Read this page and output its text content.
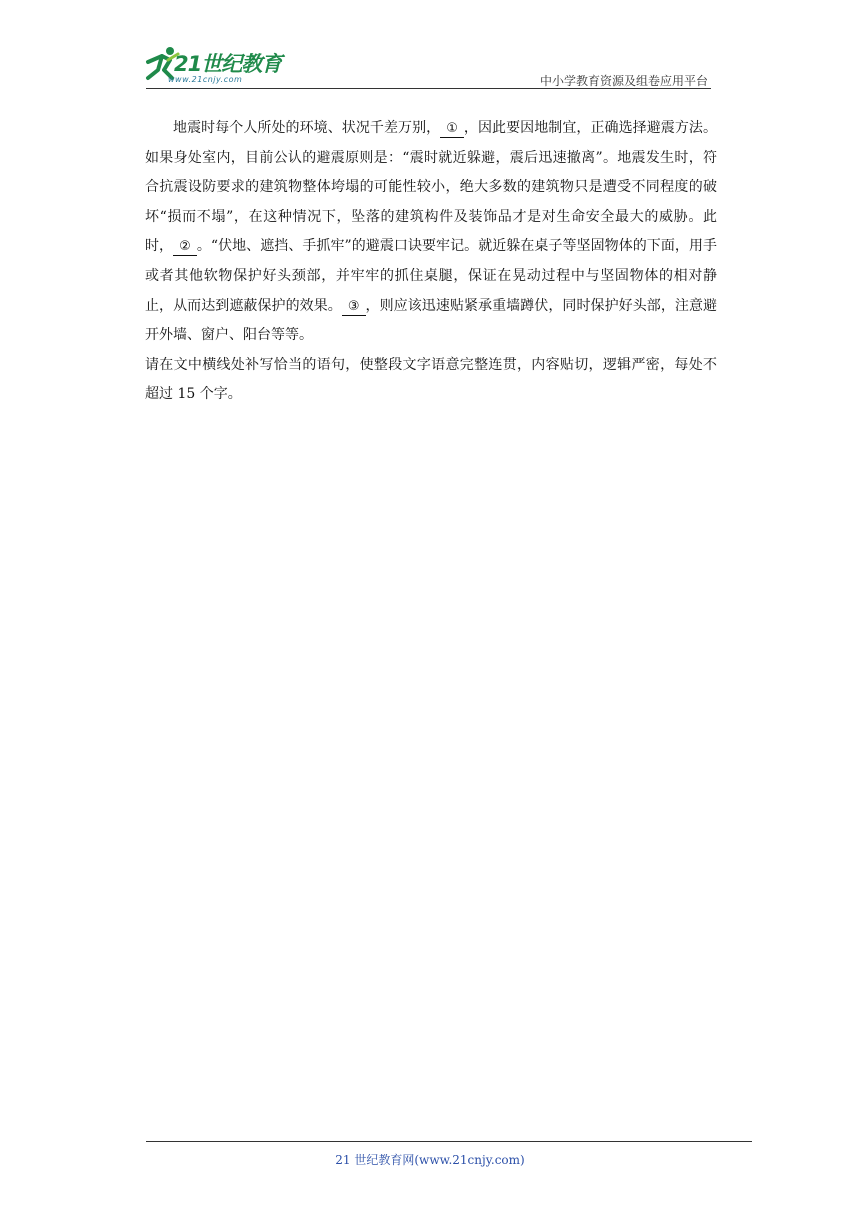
21世纪教育
www.21cnjy.com	中小学教育资源及组卷应用平台

地震时每个人所处的环境、状况千差万别， ① ，因此要因地制宜，正确选择避震方法。如果身处室内，目前公认的避震原则是：“震时就近躲避，震后迅速撤离”。地震发生时，符合抗震设防要求的建筑物整体垮塌的可能性较小，绝大多数的建筑物只是遭受不同程度的破坏“损而不塌”，在这种情况下，坠落的建筑构件及装饰品才是对生命安全最大的威胁。此时， ② 。“伏地、遮挡、手抓牢”的避震口诀要牢记。就近躲在桌子等坚固物体的下面，用手或者其他软物保护好头颈部，并牢牢的抓住桌腿，保证在晃动过程中与坚固物体的相对静止，从而达到遮蔽保护的效果。 ③ ，则应该迅速贴紧承重墙蹲伏，同时保护好头部，注意避开外墙、窗户、阳台等等。

请在文中横线处补写恰当的语句，使整段文字语意完整连贯，内容贴切，逻辑严密，每处不超过 15 个字。

21 世纪教育网(www.21cnjy.com)
